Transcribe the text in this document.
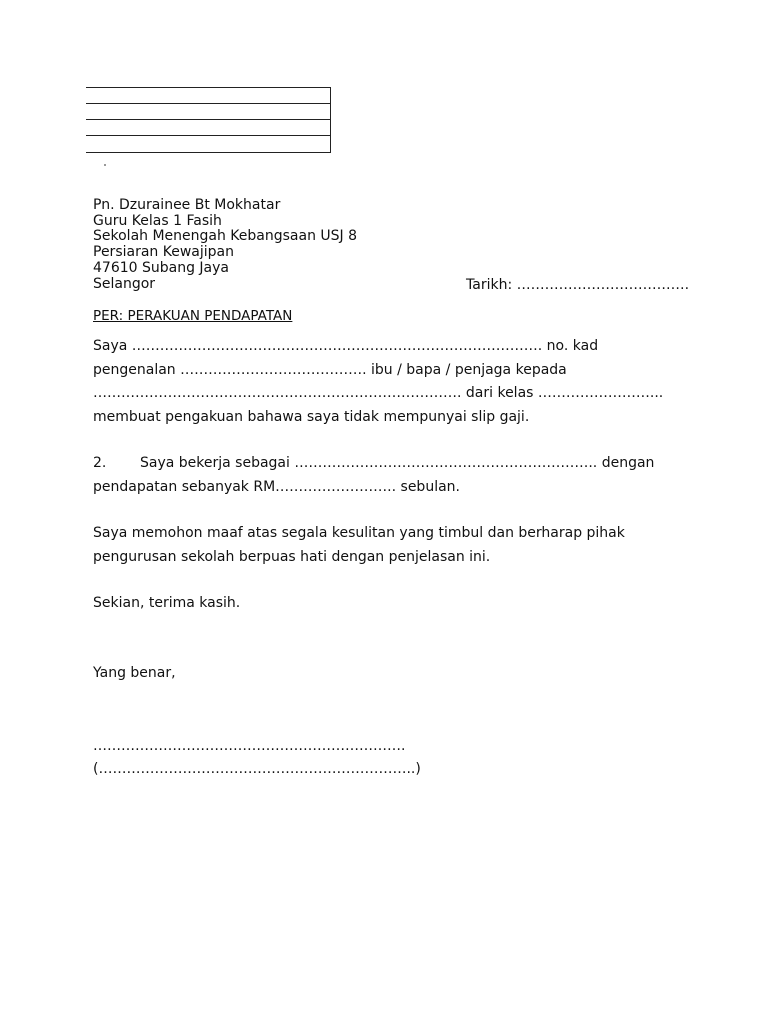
Pn. Dzurainee Bt Mokhatar
Guru Kelas 1 Fasih
Sekolah Menengah Kebangsaan USJ 8
Persiaran Kewajipan
47610 Subang Jaya
Selangor	Tarikh: ……………………………….
PER: PERAKUAN PENDAPATAN
Saya ……………………………………………………………………………. no. kad
pengenalan …………………………………. ibu / bapa / penjaga kepada
……………………………………………………………………. dari kelas ……………………...
membuat pengakuan bahawa saya tidak mempunyai slip gaji.
2. Saya bekerja sebagai ……………………………………………………….. dengan
pendapatan sebanyak RM…………………….. sebulan.
Saya memohon maaf atas segala kesulitan yang timbul dan berharap pihak
pengurusan sekolah berpuas hati dengan penjelasan ini.
Sekian, terima kasih.
Yang benar,
………………………………………………………….
(…………………………………………………………..)
